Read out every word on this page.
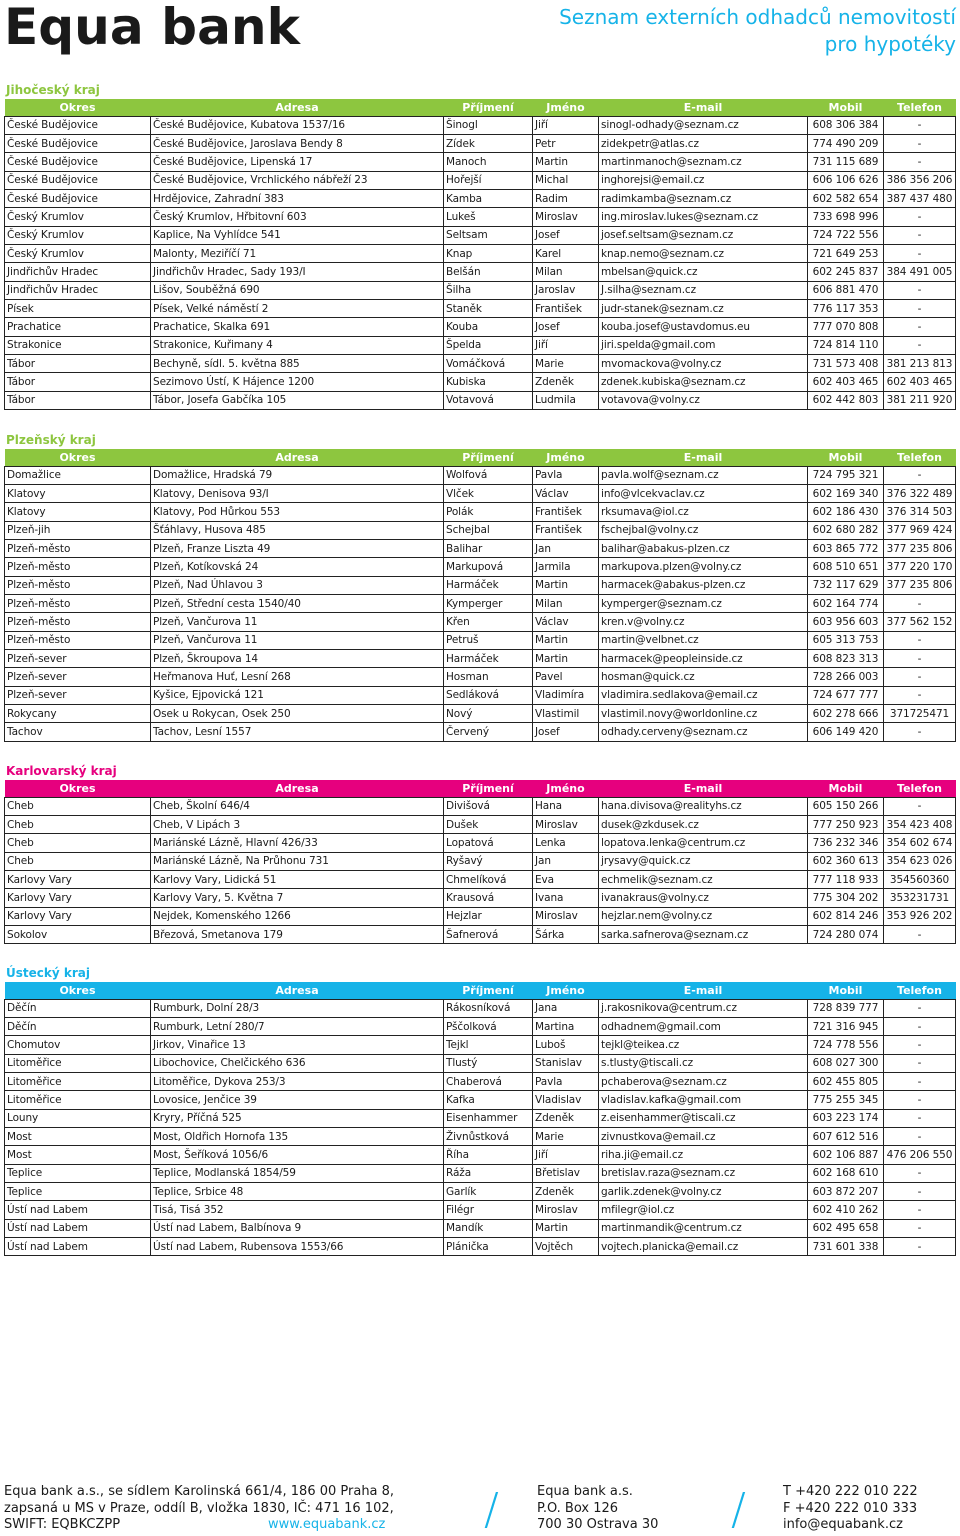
Equa bank	Seznam externích odhadců nemovitostí
pro hypotéky
Jihočeský kraj
Okres	Adresa	Příjmení	Jméno	E-mail	Mobil	Telefon
České Budějovice	České Budějovice, Kubatova 1537/16	Šinogl	Jiří	sinogl-odhady@seznam.cz	608 306 384	-
České Budějovice	České Budějovice, Jaroslava Bendy 8	Zídek	Petr	zidekpetr@atlas.cz	774 490 209	-
České Budějovice	České Budějovice, Lipenská 17	Manoch	Martin	martinmanoch@seznam.cz	731 115 689	-
České Budějovice	České Budějovice, Vrchlického nábřeží 23	Hořejší	Michal	inghorejsi@email.cz	606 106 626	386 356 206
České Budějovice	Hrdějovice, Zahradní 383	Kamba	Radim	radimkamba@seznam.cz	602 582 654	387 437 480
Český Krumlov	Český Krumlov, Hřbitovní 603	Lukeš	Miroslav	ing.miroslav.lukes@seznam.cz	733 698 996	-
Český Krumlov	Kaplice, Na Vyhlídce 541	Seltsam	Josef	josef.seltsam@seznam.cz	724 722 556	-
Český Krumlov	Malonty, Meziříčí 71	Knap	Karel	knap.nemo@seznam.cz	721 649 253	-
Jindřichův Hradec	Jindřichův Hradec, Sady 193/I	Belšán	Milan	mbelsan@quick.cz	602 245 837	384 491 005
Jindřichův Hradec	Lišov, Souběžná 690	Šilha	Jaroslav	J.silha@seznam.cz	606 881 470	-
Písek	Písek, Velké náměstí 2	Staněk	František	judr-stanek@seznam.cz	776 117 353	-
Prachatice	Prachatice, Skalka 691	Kouba	Josef	kouba.josef@ustavdomus.eu	777 070 808	-
Strakonice	Strakonice, Kuřimany 4	Špelda	Jiří	jiri.spelda@gmail.com	724 814 110	-
Tábor	Bechyně, sídl. 5. května 885	Vomáčková	Marie	mvomackova@volny.cz	731 573 408	381 213 813
Tábor	Sezimovo Ústí, K Hájence 1200	Kubiska	Zdeněk	zdenek.kubiska@seznam.cz	602 403 465	602 403 465
Tábor	Tábor, Josefa Gabčíka 105	Votavová	Ludmila	votavova@volny.cz	602 442 803	381 211 920
Plzeňský kraj
Okres	Adresa	Příjmení	Jméno	E-mail	Mobil	Telefon
Domažlice	Domažlice, Hradská 79	Wolfová	Pavla	pavla.wolf@seznam.cz	724 795 321	-
Klatovy	Klatovy, Denisova 93/I	Vlček	Václav	info@vlcekvaclav.cz	602 169 340	376 322 489
Klatovy	Klatovy, Pod Hůrkou 553	Polák	František	rksumava@iol.cz	602 186 430	376 314 503
Plzeň-jih	Šťáhlavy, Husova 485	Schejbal	František	fschejbal@volny.cz	602 680 282	377 969 424
Plzeň-město	Plzeň, Franze Liszta 49	Balihar	Jan	balihar@abakus-plzen.cz	603 865 772	377 235 806
Plzeň-město	Plzeň, Kotíkovská 24	Markupová	Jarmila	markupova.plzen@volny.cz	608 510 651	377 220 170
Plzeň-město	Plzeň, Nad Úhlavou 3	Harmáček	Martin	harmacek@abakus-plzen.cz	732 117 629	377 235 806
Plzeň-město	Plzeň, Střední cesta 1540/40	Kymperger	Milan	kymperger@seznam.cz	602 164 774	-
Plzeň-město	Plzeň, Vančurova 11	Křen	Václav	kren.v@volny.cz	603 956 603	377 562 152
Plzeň-město	Plzeň, Vančurova 11	Petruš	Martin	martin@velbnet.cz	605 313 753	-
Plzeň-sever	Plzeň, Škroupova 14	Harmáček	Martin	harmacek@peopleinside.cz	608 823 313	-
Plzeň-sever	Heřmanova Huť, Lesní 268	Hosman	Pavel	hosman@quick.cz	728 266 003	-
Plzeň-sever	Kyšice, Ejpovická 121	Sedláková	Vladimíra	vladimira.sedlakova@email.cz	724 677 777	-
Rokycany	Osek u Rokycan, Osek 250	Nový	Vlastimil	vlastimil.novy@worldonline.cz	602 278 666	371725471
Tachov	Tachov, Lesní 1557	Červený	Josef	odhady.cerveny@seznam.cz	606 149 420	-
Karlovarský kraj
Okres	Adresa	Příjmení	Jméno	E-mail	Mobil	Telefon
Cheb	Cheb, Školní 646/4	Divišová	Hana	hana.divisova@realityhs.cz	605 150 266	-
Cheb	Cheb, V Lipách 3	Dušek	Miroslav	dusek@zkdusek.cz	777 250 923	354 423 408
Cheb	Mariánské Lázně, Hlavní 426/33	Lopatová	Lenka	lopatova.lenka@centrum.cz	736 232 346	354 602 674
Cheb	Mariánské Lázně, Na Průhonu 731	Ryšavý	Jan	jrysavy@quick.cz	602 360 613	354 623 026
Karlovy Vary	Karlovy Vary, Lidická 51	Chmelíková	Eva	echmelik@seznam.cz	777 118 933	354560360
Karlovy Vary	Karlovy Vary, 5. Května 7	Krausová	Ivana	ivanakraus@volny.cz	775 304 202	353231731
Karlovy Vary	Nejdek, Komenského 1266	Hejzlar	Miroslav	hejzlar.nem@volny.cz	602 814 246	353 926 202
Sokolov	Březová, Smetanova 179	Šafnerová	Šárka	sarka.safnerova@seznam.cz	724 280 074	-
Ústecký kraj
Okres	Adresa	Příjmení	Jméno	E-mail	Mobil	Telefon
Děčín	Rumburk, Dolní 28/3	Rákosníková	Jana	j.rakosnikova@centrum.cz	728 839 777	-
Děčín	Rumburk, Letní 280/7	Pščolková	Martina	odhadnem@gmail.com	721 316 945	-
Chomutov	Jirkov, Vinařice 13	Tejkl	Luboš	tejkl@teikea.cz	724 778 556	-
Litoměřice	Libochovice, Chelčického 636	Tlustý	Stanislav	s.tlusty@tiscali.cz	608 027 300	-
Litoměřice	Litoměřice, Dykova 253/3	Chaberová	Pavla	pchaberova@seznam.cz	602 455 805	-
Litoměřice	Lovosice, Jenčice 39	Kafka	Vladislav	vladislav.kafka@gmail.com	775 255 345	-
Louny	Kryry, Příčná 525	Eisenhammer	Zdeněk	z.eisenhammer@tiscali.cz	603 223 174	-
Most	Most, Oldřich Hornofa 135	Živnůstková	Marie	zivnustkova@email.cz	607 612 516	-
Most	Most, Šeříková 1056/6	Říha	Jiří	riha.ji@email.cz	602 106 887	476 206 550
Teplice	Teplice, Modlanská 1854/59	Ráža	Břetislav	bretislav.raza@seznam.cz	602 168 610	-
Teplice	Teplice, Srbice 48	Garlík	Zdeněk	garlik.zdenek@volny.cz	603 872 207	-
Ústí nad Labem	Tisá, Tisá 352	Filégr	Miroslav	mfilegr@iol.cz	602 410 262	-
Ústí nad Labem	Ústí nad Labem, Balbínova 9	Mandík	Martin	martinmandik@centrum.cz	602 495 658	-
Ústí nad Labem	Ústí nad Labem, Rubensova 1553/66	Plánička	Vojtěch	vojtech.planicka@email.cz	731 601 338	-
Equa bank a.s., se sídlem Karolinská 661/4, 186 00 Praha 8,
zapsaná u MS v Praze, oddíl B, vložka 1830, IČ: 471 16 102,
SWIFT: EQBKCZPP	www.equabank.cz /	Equa bank a.s.
P.O. Box 126
700 30 Ostrava 30 /	T +420 222 010 222
F +420 222 010 333
info@equabank.cz
